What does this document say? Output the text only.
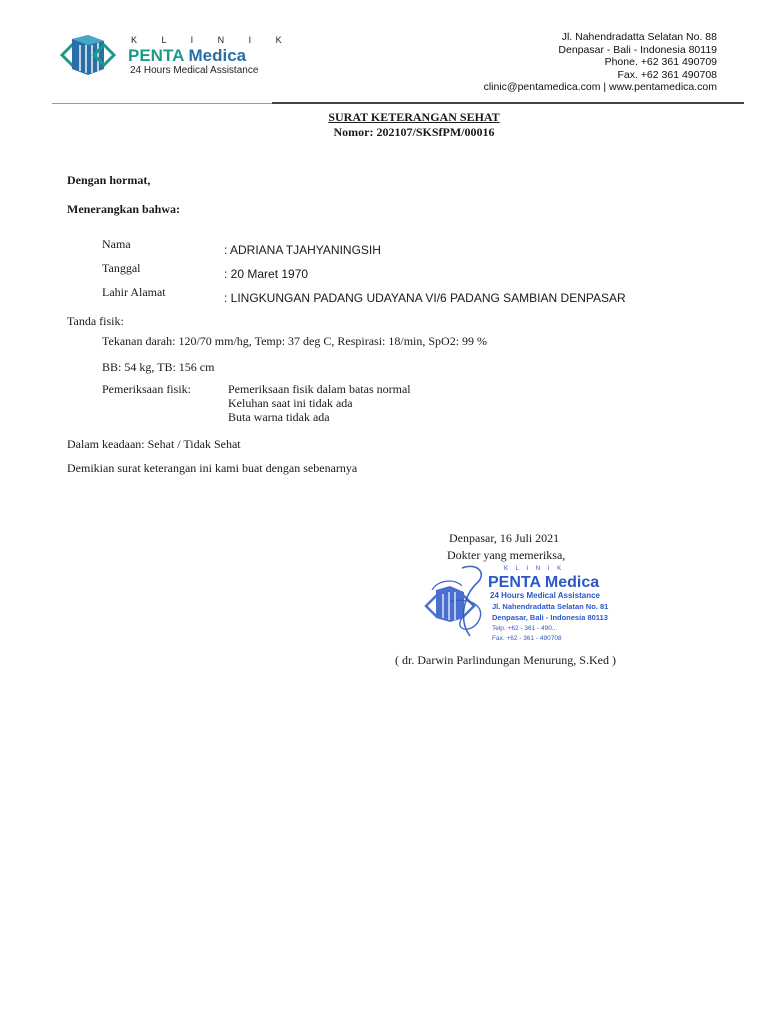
K L I N I K
PENTA Medica
24 Hours Medical Assistance
Jl. Nahendradatta Selatan No. 88
Denpasar - Bali - Indonesia 80119
Phone. +62 361 490709
Fax. +62 361 490708
clinic@pentamedica.com | www.pentamedica.com
SURAT KETERANGAN SEHAT
Nomor: 202107/SKSfPM/00016
Dengan hormat,
Menerangkan bahwa:
Nama	: ADRIANA TJAHYANINGSIH
Tanggal	: 20 Maret 1970
Lahir Alamat	: LINGKUNGAN PADANG UDAYANA VI/6 PADANG SAMBIAN DENPASAR
Tanda fisik:
Tekanan darah: 120/70 mm/hg, Temp: 37 deg C, Respirasi: 18/min, SpO2: 99 %
BB: 54 kg, TB: 156 cm
Pemeriksaan fisik:	Pemeriksaan fisik dalam batas normal
Keluhan saat ini tidak ada
Buta warna tidak ada
Dalam keadaan: Sehat / Tidak Sehat
Demikian surat keterangan ini kami buat dengan sebenarnya
Denpasar, 16 Juli 2021
Dokter yang memeriksa,
K L I N I K
PENTA Medica
24 Hours Medical Assistance
Jl. Nahendradatta Selatan No. 81
Denpasar, Bali - Indonesia 80113
Telp. +62 - 361 - 490...
Fax. +62 - 361 - 490708
( dr. Darwin Parlindungan Menurung, S.Ked )
